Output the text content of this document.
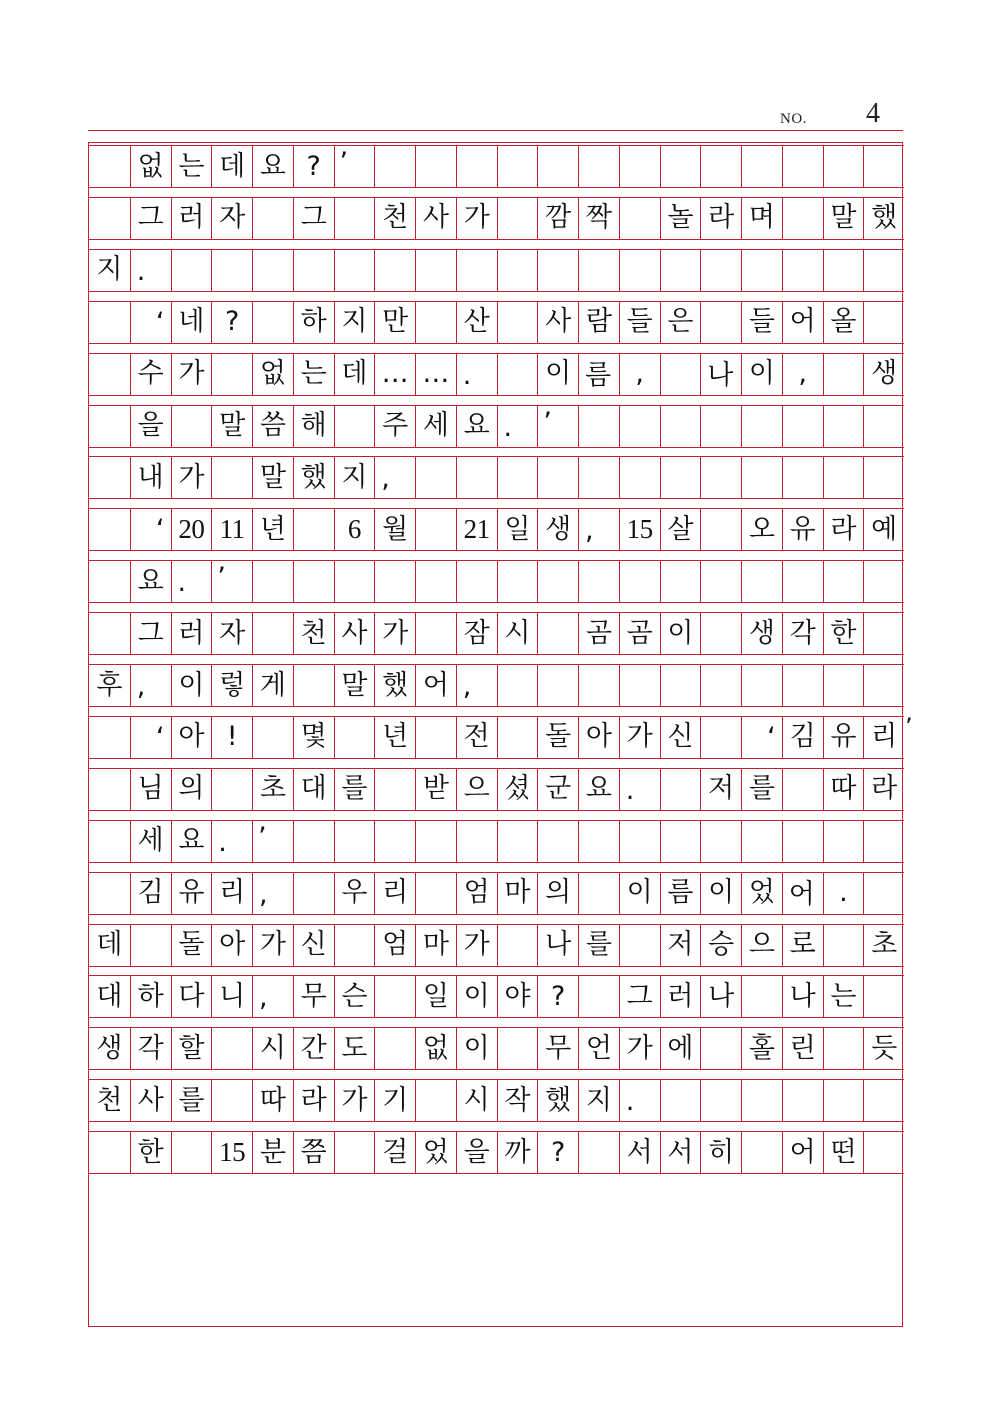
NO. 4
없 는 데 요 ? ’
그 러 자 그 천 사 가 깜 짝 놀 라 며 말 했
지 .
‘ 네 ?	하 지 만 산 사 람 들 은 들 어 올
수 가 없 는 데 … … .	이 름 ,	나 이 ,	생
을 말 씀 해 주 세 요 .	’
내 가 말 했 지 ,
‘ 20 11 년	6 월 21 일 생 ,	15 살 오 유 라 예
요 .	’
그 러 자 천 사 가 잠 시 곰 곰 이 생 각 한
후 ,	이 렇 게 말 했 어 ,
‘ 아 !	몇 년 전 돌 아 가 신	‘ 김 유 리
님 의 초 대 를 받 으 셨 군 요 .	저 를 따 라
세 요 .	’
김 유 리 ,	우 리 엄 마 의 이 름 이 었 어 .
데 돌 아 가 신 엄 마 가 나 를 저 승 으 로 초
대 하 다 니 ,	무 슨 일 이 야 ?	그 러 나 나 는
생 각 할 시 간 도 없 이 무 언 가 에 홀 린 듯
천 사 를 따 라 가 기 시 작 했 지 .
한 15 분 쯤 걸 었 을 까 ?	서 서 히 어 떤
’
